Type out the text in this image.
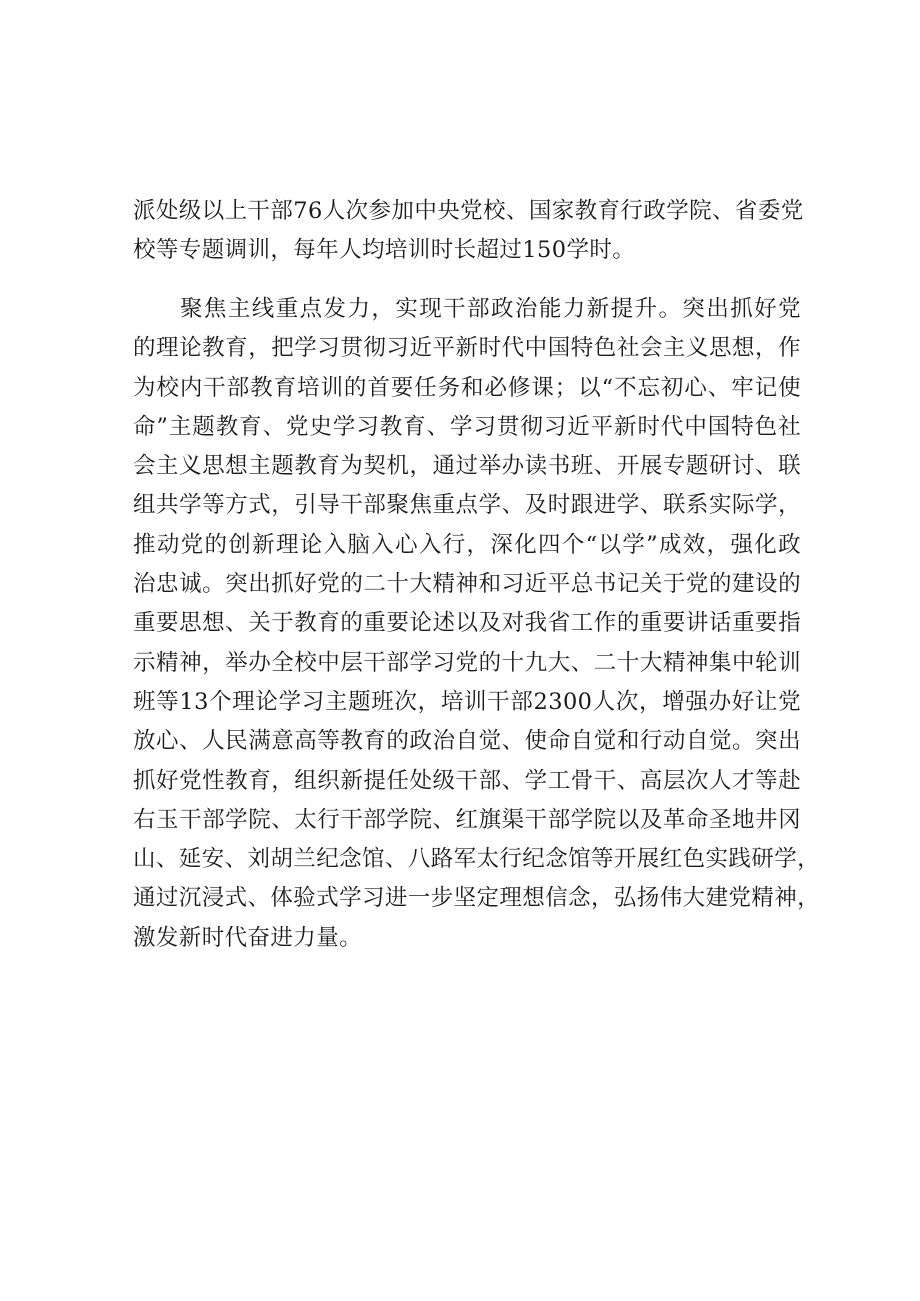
派处级以上干部76人次参加中央党校、国家教育行政学院、省委党
校等专题调训，每年人均培训时长超过150学时。
聚焦主线重点发力，实现干部政治能力新提升。突出抓好党
的理论教育，把学习贯彻习近平新时代中国特色社会主义思想，作
为校内干部教育培训的首要任务和必修课；以“不忘初心、牢记使
命”主题教育、党史学习教育、学习贯彻习近平新时代中国特色社
会主义思想主题教育为契机，通过举办读书班、开展专题研讨、联
组共学等方式，引导干部聚焦重点学、及时跟进学、联系实际学，
推动党的创新理论入脑入心入行，深化四个“以学”成效，强化政
治忠诚。突出抓好党的二十大精神和习近平总书记关于党的建设的
重要思想、关于教育的重要论述以及对我省工作的重要讲话重要指
示精神，举办全校中层干部学习党的十九大、二十大精神集中轮训
班等13个理论学习主题班次，培训干部2300人次，增强办好让党
放心、人民满意高等教育的政治自觉、使命自觉和行动自觉。突出
抓好党性教育，组织新提任处级干部、学工骨干、高层次人才等赴
右玉干部学院、太行干部学院、红旗渠干部学院以及革命圣地井冈
山、延安、刘胡兰纪念馆、八路军太行纪念馆等开展红色实践研学，
通过沉浸式、体验式学习进一步坚定理想信念，弘扬伟大建党精神，
激发新时代奋进力量。
